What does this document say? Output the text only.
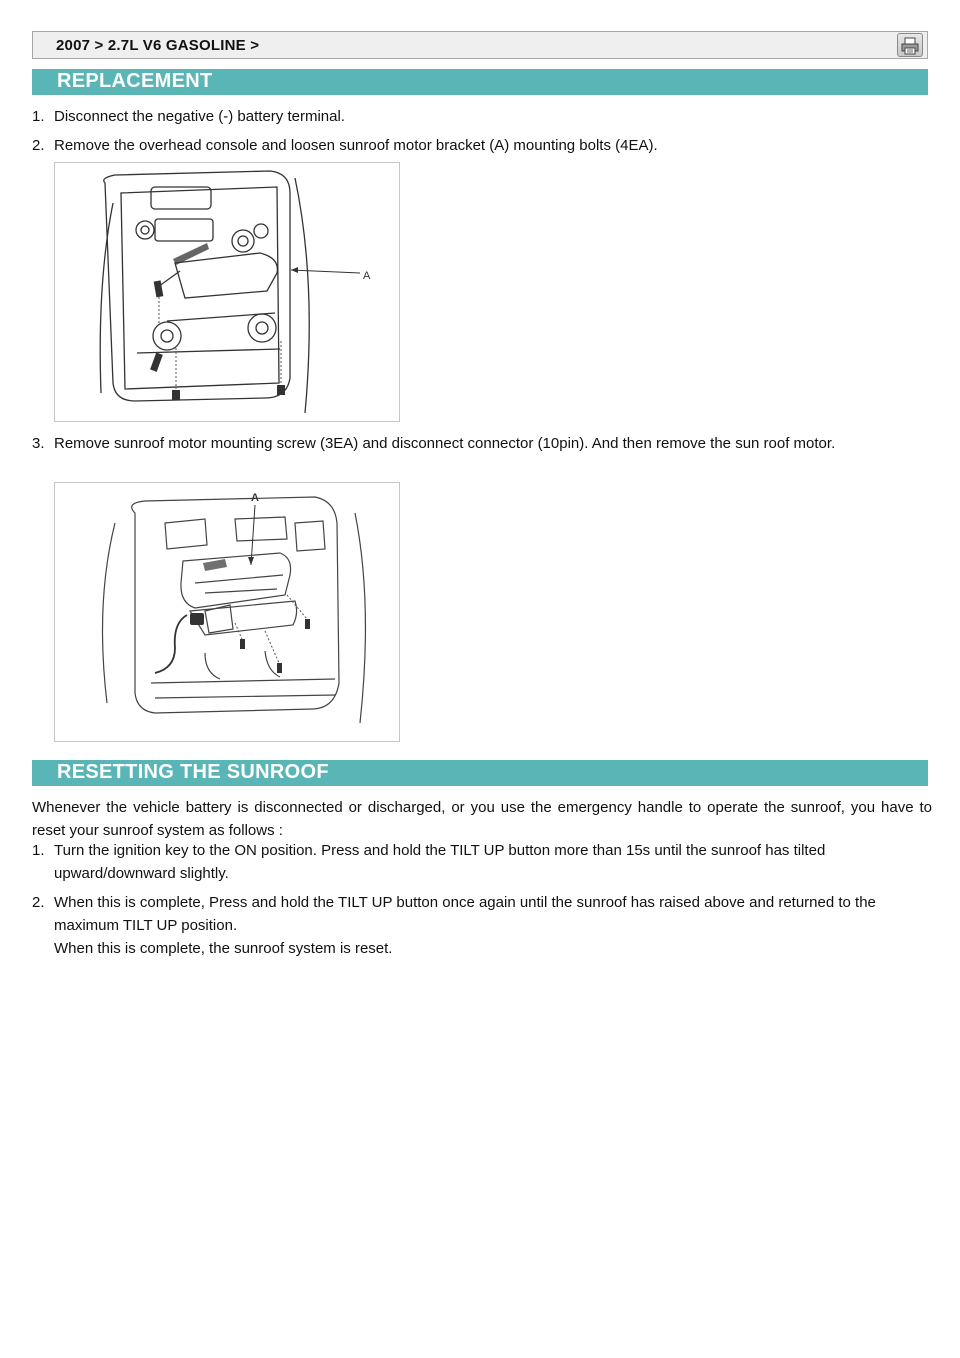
2007 > 2.7L V6 GASOLINE >
REPLACEMENT
1. Disconnect the negative (-) battery terminal.
2. Remove the overhead console and loosen sunroof motor bracket (A) mounting bolts (4EA).
A
3. Remove sunroof motor mounting screw (3EA) and disconnect connector (10pin). And then remove the sun roof motor.
A
RESETTING THE SUNROOF
Whenever the vehicle battery is disconnected or discharged, or you use the emergency handle to operate the sunroof, you have to reset your sunroof system as follows :
1. Turn the ignition key to the ON position. Press and hold the TILT UP button more than 15s until the sunroof has tilted upward/downward slightly.
2. When this is complete, Press and hold the TILT UP button once again until the sunroof has raised above and returned to the maximum TILT UP position.
When this is complete, the sunroof system is reset.
